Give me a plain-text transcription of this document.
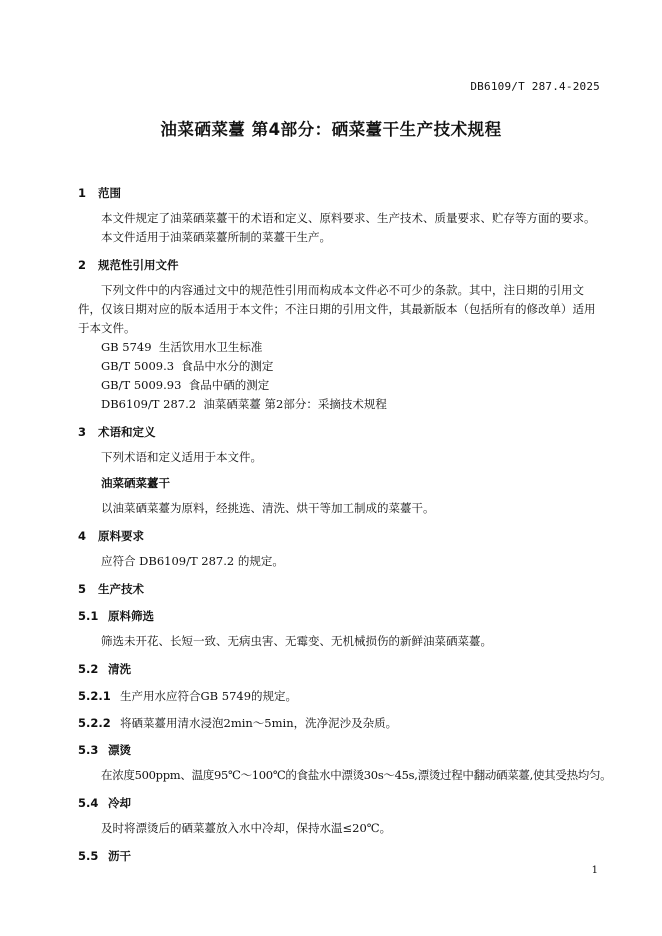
DB6109/T 287.4-2025
油菜硒菜薹 第4部分：硒菜薹干生产技术规程
1 范围

本文件规定了油菜硒菜薹干的术语和定义、原料要求、生产技术、质量要求、贮存等方面的要求。

本文件适用于油菜硒菜薹所制的菜薹干生产。

2 规范性引用文件

下列文件中的内容通过文中的规范性引用而构成本文件必不可少的条款。其中，注日期的引用文件，仅该日期对应的版本适用于本文件；不注日期的引用文件，其最新版本（包括所有的修改单）适用于本文件。

GB 5749  生活饮用水卫生标准

GB/T 5009.3  食品中水分的测定

GB/T 5009.93  食品中硒的测定

DB6109/T 287.2  油菜硒菜薹 第2部分：采摘技术规程

3 术语和定义

下列术语和定义适用于本文件。

油菜硒菜薹干

以油菜硒菜薹为原料，经挑选、清洗、烘干等加工制成的菜薹干。

4 原料要求

应符合 DB6109/T 287.2 的规定。

5 生产技术
5.1 原料筛选

筛选未开花、长短一致、无病虫害、无霉变、无机械损伤的新鲜油菜硒菜薹。

5.2 清洗
5.2.1 生产用水应符合GB 5749的规定。
5.2.2 将硒菜薹用清水浸泡2min～5min，洗净泥沙及杂质。
5.3 漂烫

在浓度500ppm、温度95℃～100℃的食盐水中漂烫30s～45s,漂烫过程中翻动硒菜薹,使其受热均匀。

5.4 冷却

及时将漂烫后的硒菜薹放入水中冷却，保持水温≤20℃。

5.5 沥干
1
